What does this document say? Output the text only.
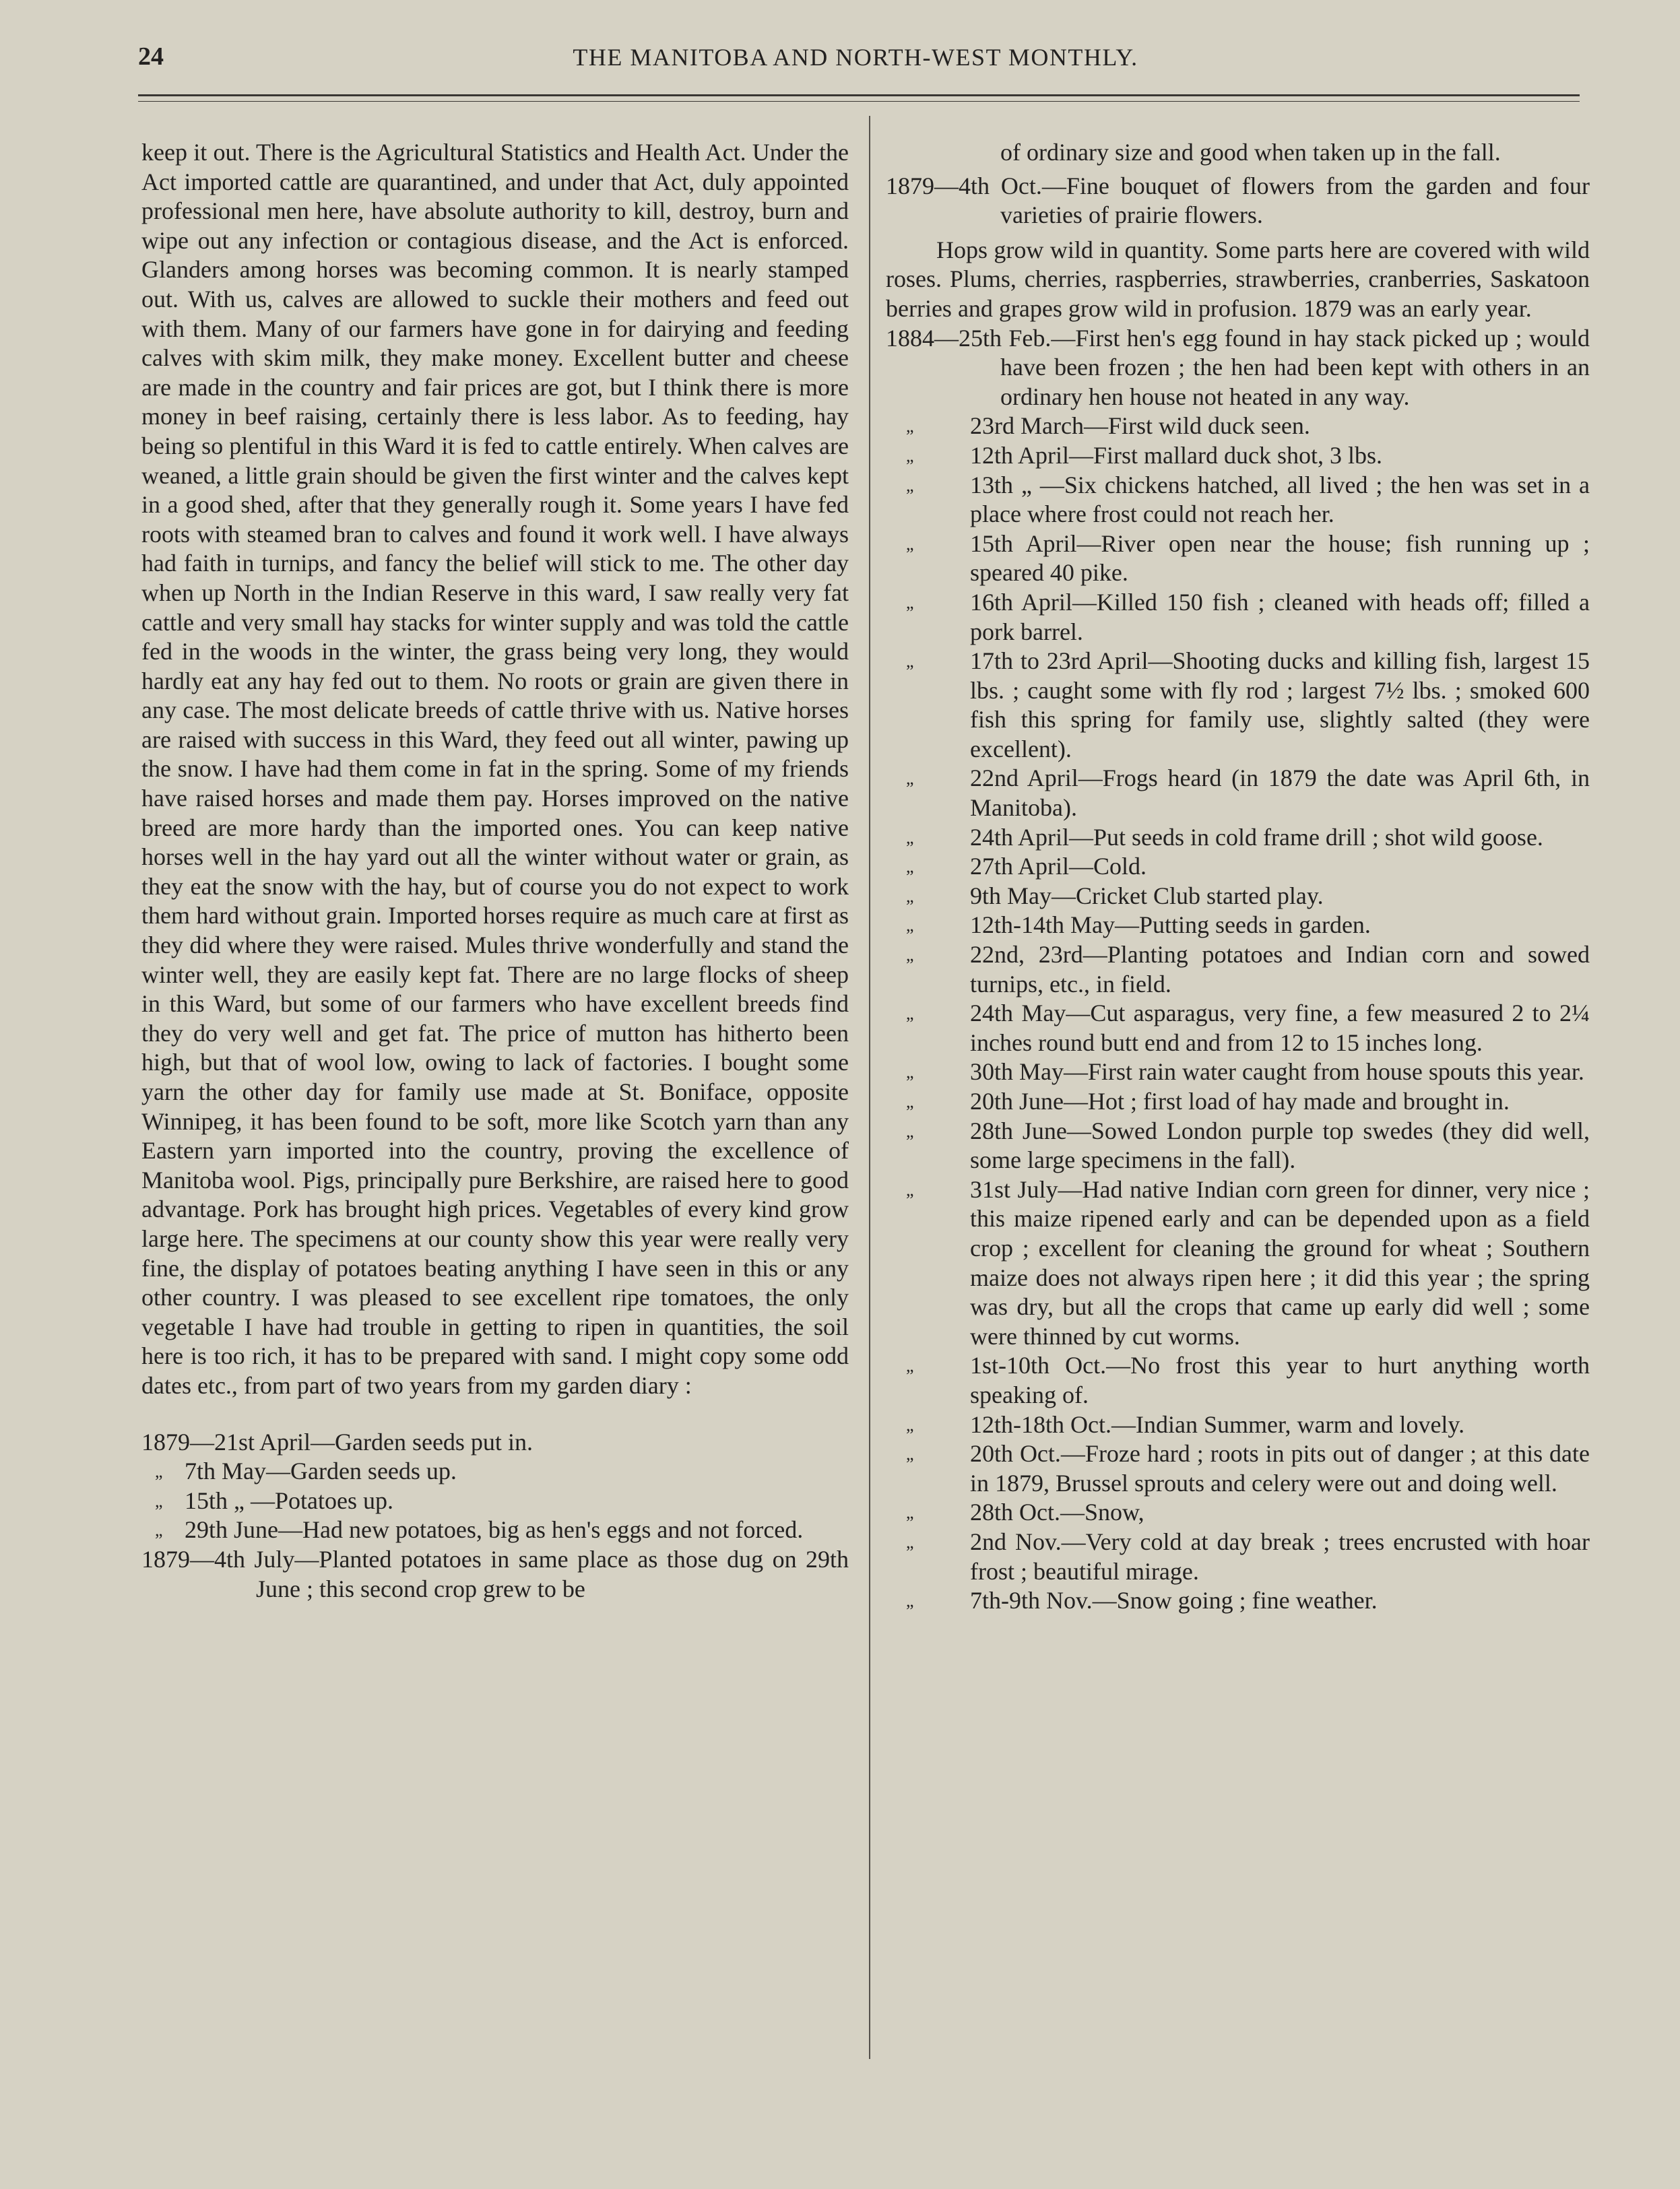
24	THE MANITOBA AND NORTH-WEST MONTHLY.

keep it out. There is the Agricultural Statistics and Health Act. Under the Act imported cattle are quarantined, and under that Act, duly appointed professional men here, have absolute authority to kill, destroy, burn and wipe out any infection or contagious disease, and the Act is enforced. Glanders among horses was becoming common. It is nearly stamped out. With us, calves are allowed to suckle their mothers and feed out with them. Many of our farmers have gone in for dairying and feeding calves with skim milk, they make money. Excellent butter and cheese are made in the country and fair prices are got, but I think there is more money in beef raising, certainly there is less labor. As to feeding, hay being so plentiful in this Ward it is fed to cattle entirely. When calves are weaned, a little grain should be given the first winter and the calves kept in a good shed, after that they generally rough it. Some years I have fed roots with steamed bran to calves and found it work well. I have always had faith in turnips, and fancy the belief will stick to me. The other day when up North in the Indian Reserve in this ward, I saw really very fat cattle and very small hay stacks for winter supply and was told the cattle fed in the woods in the winter, the grass being very long, they would hardly eat any hay fed out to them. No roots or grain are given there in any case. The most delicate breeds of cattle thrive with us. Native horses are raised with success in this Ward, they feed out all winter, pawing up the snow. I have had them come in fat in the spring. Some of my friends have raised horses and made them pay. Horses improved on the native breed are more hardy than the imported ones. You can keep native horses well in the hay yard out all the winter without water or grain, as they eat the snow with the hay, but of course you do not expect to work them hard without grain. Imported horses require as much care at first as they did where they were raised. Mules thrive wonderfully and stand the winter well, they are easily kept fat. There are no large flocks of sheep in this Ward, but some of our farmers who have excellent breeds find they do very well and get fat. The price of mutton has hitherto been high, but that of wool low, owing to lack of factories. I bought some yarn the other day for family use made at St. Boniface, opposite Winnipeg, it has been found to be soft, more like Scotch yarn than any Eastern yarn imported into the country, proving the excellence of Manitoba wool. Pigs, principally pure Berkshire, are raised here to good advantage. Pork has brought high prices. Vegetables of every kind grow large here. The specimens at our county show this year were really very fine, the display of potatoes beating anything I have seen in this or any other country. I was pleased to see excellent ripe tomatoes, the only vegetable I have had trouble in getting to ripen in quantities, the soil here is too rich, it has to be prepared with sand. I might copy some odd dates etc., from part of two years from my garden diary :

1879—21st April—Garden seeds put in.
„ 7th May—Garden seeds up.
„ 15th „ —Potatoes up.
„ 29th June—Had new potatoes, big as hen's eggs and not forced.
1879—4th July—Planted potatoes in same place as those dug on 29th June ; this second crop grew to be

of ordinary size and good when taken up in the fall.

1879—4th Oct.—Fine bouquet of flowers from the garden and four varieties of prairie flowers.

Hops grow wild in quantity. Some parts here are covered with wild roses. Plums, cherries, raspberries, strawberries, cranberries, Saskatoon berries and grapes grow wild in profusion. 1879 was an early year.

1884—25th Feb.—First hen's egg found in hay stack picked up ; would have been frozen ; the hen had been kept with others in an ordinary hen house not heated in any way.
„	23rd March—First wild duck seen.
„	12th April—First mallard duck shot, 3 lbs.
„	13th „ —Six chickens hatched, all lived ; the hen was set in a place where frost could not reach her.
„	15th April—River open near the house; fish running up ; speared 40 pike.
„	16th April—Killed 150 fish ; cleaned with heads off; filled a pork barrel.
„	17th to 23rd April—Shooting ducks and killing fish, largest 15 lbs. ; caught some with fly rod ; largest 7½ lbs. ; smoked 600 fish this spring for family use, slightly salted (they were excellent).
„	22nd April—Frogs heard (in 1879 the date was April 6th, in Manitoba).
„	24th April—Put seeds in cold frame drill ; shot wild goose.
„	27th April—Cold.
„	9th May—Cricket Club started play.
„	12th-14th May—Putting seeds in garden.
„	22nd, 23rd—Planting potatoes and Indian corn and sowed turnips, etc., in field.
„	24th May—Cut asparagus, very fine, a few measured 2 to 2¼ inches round butt end and from 12 to 15 inches long.
„	30th May—First rain water caught from house spouts this year.
„	20th June—Hot ; first load of hay made and brought in.
„	28th June—Sowed London purple top swedes (they did well, some large specimens in the fall).
„	31st July—Had native Indian corn green for dinner, very nice ; this maize ripened early and can be depended upon as a field crop ; excellent for cleaning the ground for wheat ; Southern maize does not always ripen here ; it did this year ; the spring was dry, but all the crops that came up early did well ; some were thinned by cut worms.
„	1st-10th Oct.—No frost this year to hurt anything worth speaking of.
„	12th-18th Oct.—Indian Summer, warm and lovely.
„	20th Oct.—Froze hard ; roots in pits out of danger ; at this date in 1879, Brussel sprouts and celery were out and doing well.
„	28th Oct.—Snow,
„	2nd Nov.—Very cold at day break ; trees encrusted with hoar frost ; beautiful mirage.
„	7th-9th Nov.—Snow going ; fine weather.
